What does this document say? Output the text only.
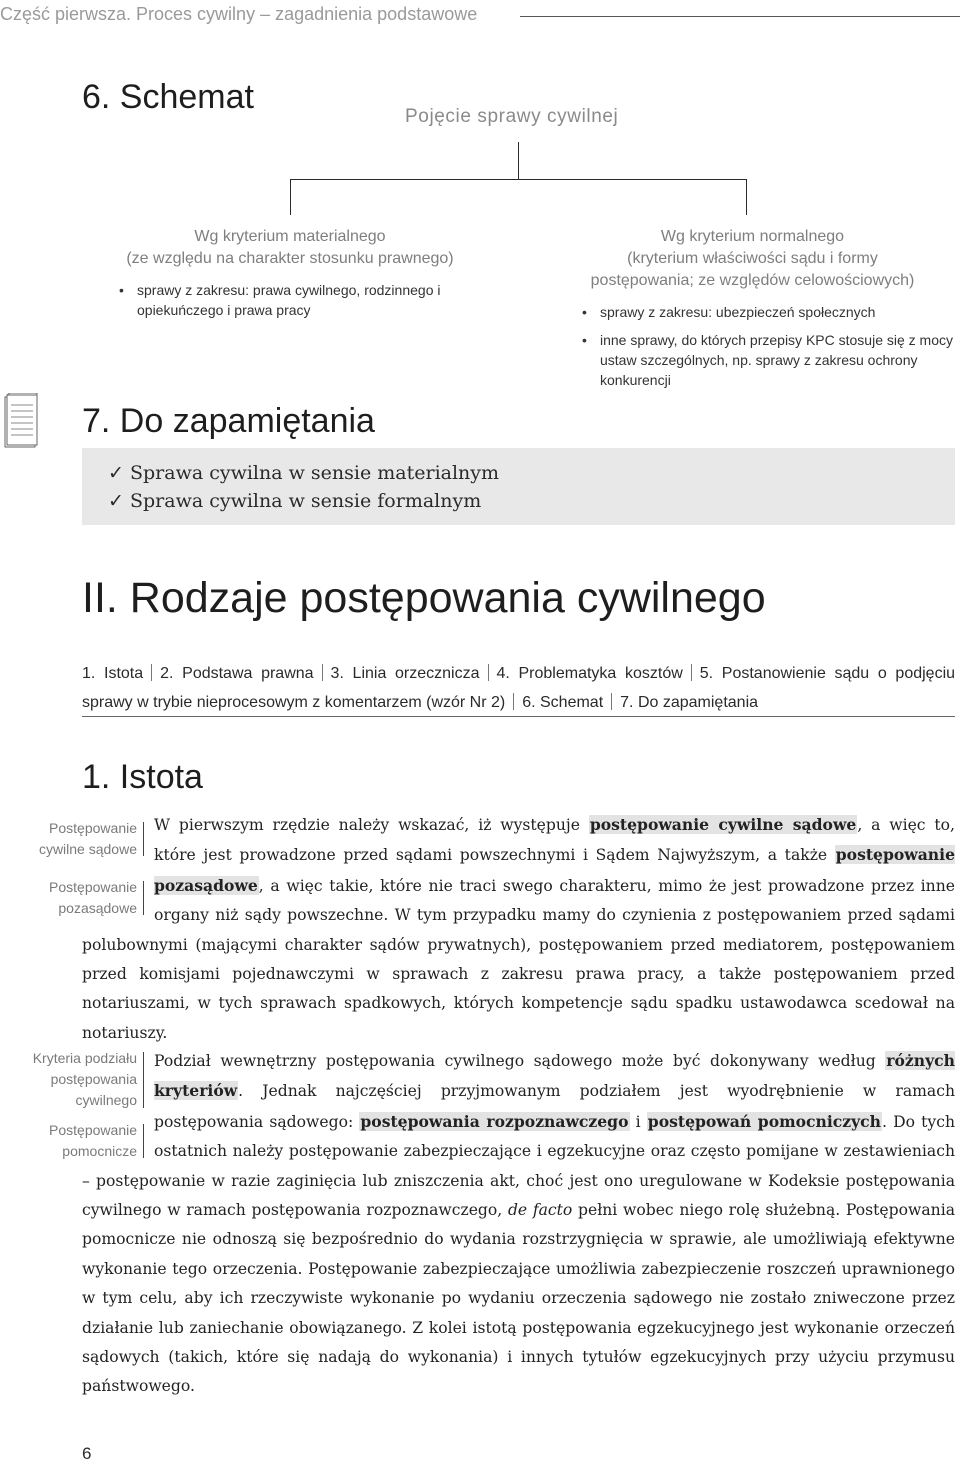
Część pierwsza. Proces cywilny – zagadnienia podstawowe
6. Schemat
Pojęcie sprawy cywilnej
Wg kryterium materialnego
(ze względu na charakter stosunku prawnego)
• sprawy z zakresu: prawa cywilnego, rodzinnego i opiekuńczego i prawa pracy
Wg kryterium normalnego
(kryterium właściwości sądu i formy
postępowania; ze względów celowościowych)
• sprawy z zakresu: ubezpieczeń społecznych
• inne sprawy, do których przepisy KPC stosuje się z mocy ustaw szczególnych, np. sprawy z zakresu ochrony konkurencji
7. Do zapamiętania
✓ Sprawa cywilna w sensie materialnym
✓ Sprawa cywilna w sensie formalnym
II. Rodzaje postępowania cywilnego
1. Istota 2. Podstawa prawna 3. Linia orzecznicza 4. Problematyka kosztów 5. Postanowienie sądu o podjęciu sprawy w trybie nieprocesowym z komentarzem (wzór Nr 2) 6. Schemat 7. Do zapamiętania
1. Istota
Postępowanie
cywilne sądowe
Postępowanie
pozasądowe
Kryteria podziału
postępowania
cywilnego
Postępowanie
pomocnicze

W pierwszym rzędzie należy wskazać, iż występuje postępowanie cywilne sądowe, a więc to, które jest prowadzone przed sądami powszechnymi i Sądem Najwyższym, a także postępowanie pozasądowe, a więc takie, które nie traci swego charakteru, mimo że jest prowadzone przez inne organy niż sądy powszechne. W tym przypadku mamy do czynienia z postępowaniem przed sądami polubownymi (mającymi charakter sądów prywatnych), postępowaniem przed mediatorem, postępowaniem przed komisjami pojednawczymi w sprawach z zakresu prawa pracy, a także postępowaniem przed notariuszami, w tych sprawach spadkowych, których kompetencje sądu spadku ustawodawca scedował na notariuszy.

Podział wewnętrzny postępowania cywilnego sądowego może być dokonywany według różnych kryteriów. Jednak najczęściej przyjmowanym podziałem jest wyodrębnienie w ramach postępowania sądowego: postępowania rozpoznawczego i postępowań pomocniczych. Do tych ostatnich należy postępowanie zabezpieczające i egzekucyjne oraz często pomijane w zestawieniach – postępowanie w razie zaginięcia lub zniszczenia akt, choć jest ono uregulowane w Kodeksie postępowania cywilnego w ramach postępowania rozpoznawczego, de facto pełni wobec niego rolę służebną. Postępowania pomocnicze nie odnoszą się bezpośrednio do wydania rozstrzygnięcia w sprawie, ale umożliwiają efektywne wykonanie tego orzeczenia. Postępowanie zabezpieczające umożliwia zabezpieczenie roszczeń uprawnionego w tym celu, aby ich rzeczywiste wykonanie po wydaniu orzeczenia sądowego nie zostało zniweczone przez działanie lub zaniechanie obowiązanego. Z kolei istotą postępowania egzekucyjnego jest wykonanie orzeczeń sądowych (takich, które się nadają do wykonania) i innych tytułów egzekucyjnych przy użyciu przymusu państwowego.

6
